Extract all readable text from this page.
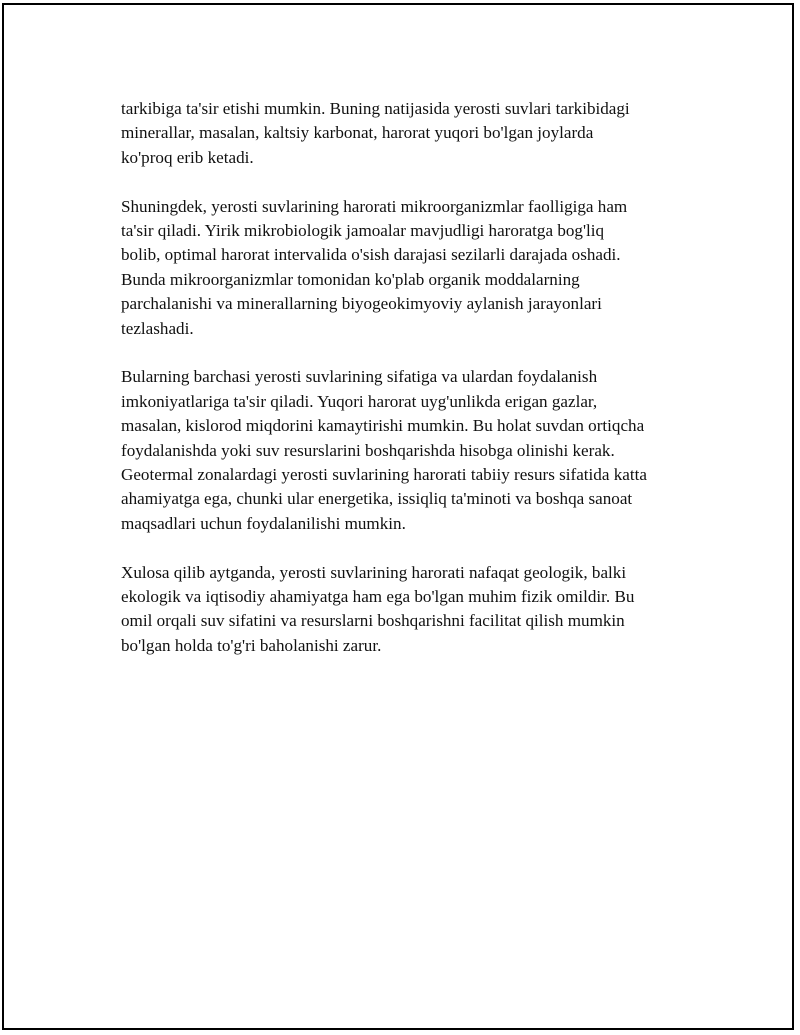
tarkibiga ta'sir etishi mumkin. Buning natijasida yerosti suvlari tarkibidagi
minerallar, masalan, kaltsiy karbonat, harorat yuqori bo'lgan joylarda
ko'proq erib ketadi.

Shuningdek, yerosti suvlarining harorati mikroorganizmlar faolligiga ham
ta'sir qiladi. Yirik mikrobiologik jamoalar mavjudligi haroratga bog'liq
bolib, optimal harorat intervalida o'sish darajasi sezilarli darajada oshadi.
Bunda mikroorganizmlar tomonidan ko'plab organik moddalarning
parchalanishi va minerallarning biyogeokimyoviy aylanish jarayonlari
tezlashadi.

Bularning barchasi yerosti suvlarining sifatiga va ulardan foydalanish
imkoniyatlariga ta'sir qiladi. Yuqori harorat uyg'unlikda erigan gazlar,
masalan, kislorod miqdorini kamaytirishi mumkin. Bu holat suvdan ortiqcha
foydalanishda yoki suv resurslarini boshqarishda hisobga olinishi kerak.
Geotermal zonalardagi yerosti suvlarining harorati tabiiy resurs sifatida katta
ahamiyatga ega, chunki ular energetika, issiqliq ta'minoti va boshqa sanoat
maqsadlari uchun foydalanilishi mumkin.

Xulosa qilib aytganda, yerosti suvlarining harorati nafaqat geologik, balki
ekologik va iqtisodiy ahamiyatga ham ega bo'lgan muhim fizik omildir. Bu
omil orqali suv sifatini va resurslarni boshqarishni facilitat qilish mumkin
bo'lgan holda to'g'ri baholanishi zarur.
